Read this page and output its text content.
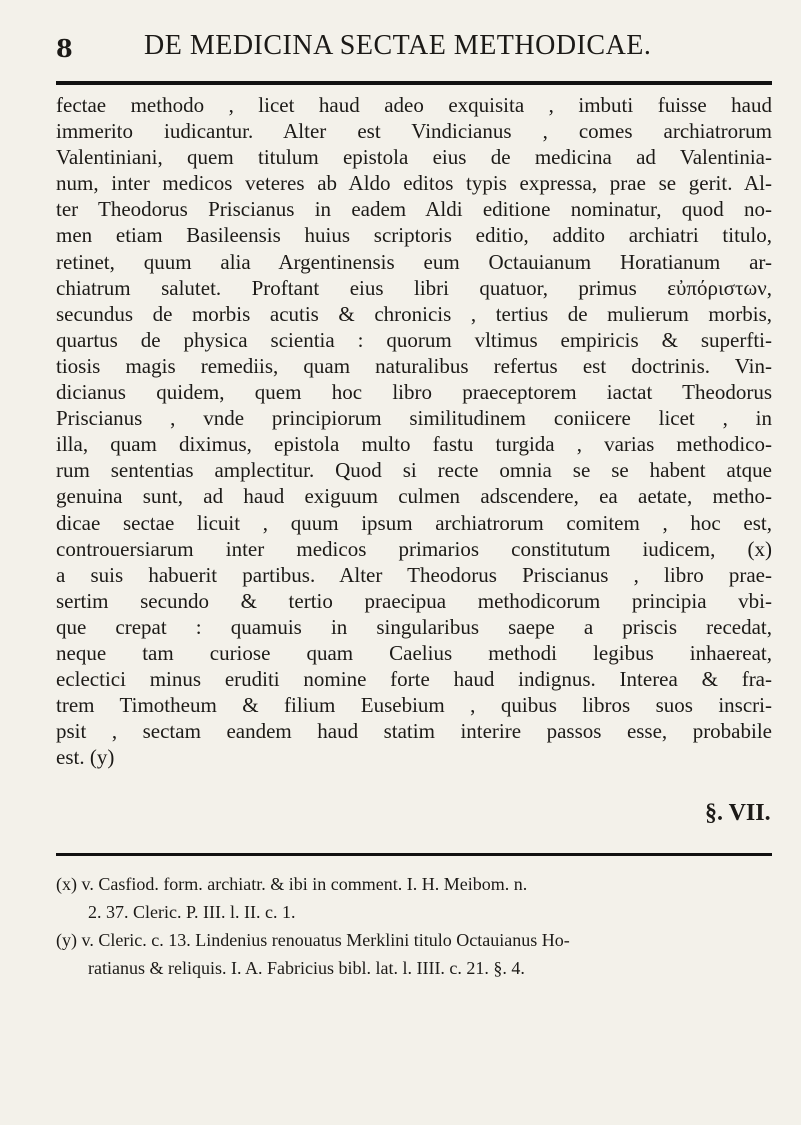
8	DE MEDICINA SECTAE METHODICAE.
fectae methodo , licet haud adeo exquisita , imbuti fuisse haud
immerito iudicantur. Alter est Vindicianus , comes archiatrorum
Valentiniani, quem titulum epistola eius de medicina ad Valentinia-
num, inter medicos veteres ab Aldo editos typis expressa, prae se gerit. Al-
ter Theodorus Priscianus in eadem Aldi editione nominatur, quod no-
men etiam Basileensis huius scriptoris editio, addito archiatri titulo,
retinet, quum alia Argentinensis eum Octauianum Horatianum ar-
chiatrum salutet. Proftant eius libri quatuor, primus εὐπόριστων,
secundus de morbis acutis & chronicis , tertius de mulierum morbis,
quartus de physica scientia : quorum vltimus empiricis & superfti-
tiosis magis remediis, quam naturalibus refertus est doctrinis. Vin-
dicianus quidem, quem hoc libro praeceptorem iactat Theodorus
Priscianus , vnde principiorum similitudinem coniicere licet , in
illa, quam diximus, epistola multo fastu turgida , varias methodico-
rum sententias amplectitur. Quod si recte omnia se se habent atque
genuina sunt, ad haud exiguum culmen adscendere, ea aetate, metho-
dicae sectae licuit , quum ipsum archiatrorum comitem , hoc est,
controuersiarum inter medicos primarios constitutum iudicem, (x)
a suis habuerit partibus. Alter Theodorus Priscianus , libro prae-
sertim secundo & tertio praecipua methodicorum principia vbi-
que crepat : quamuis in singularibus saepe a priscis recedat,
neque tam curiose quam Caelius methodi legibus inhaereat,
eclectici minus eruditi nomine forte haud indignus. Interea & fra-
trem Timotheum & filium Eusebium , quibus libros suos inscri-
psit , sectam eandem haud statim interire passos esse, probabile
est. (y)
§. VII.
(x) v. Casfiod. form. archiatr. & ibi in comment. I. H. Meibom. n.
2. 37. Cleric. P. III. l. II. c. 1.
(y) v. Cleric. c. 13. Lindenius renouatus Merklini titulo Octauianus Ho-
ratianus & reliquis. I. A. Fabricius bibl. lat. l. IIII. c. 21. §. 4.
